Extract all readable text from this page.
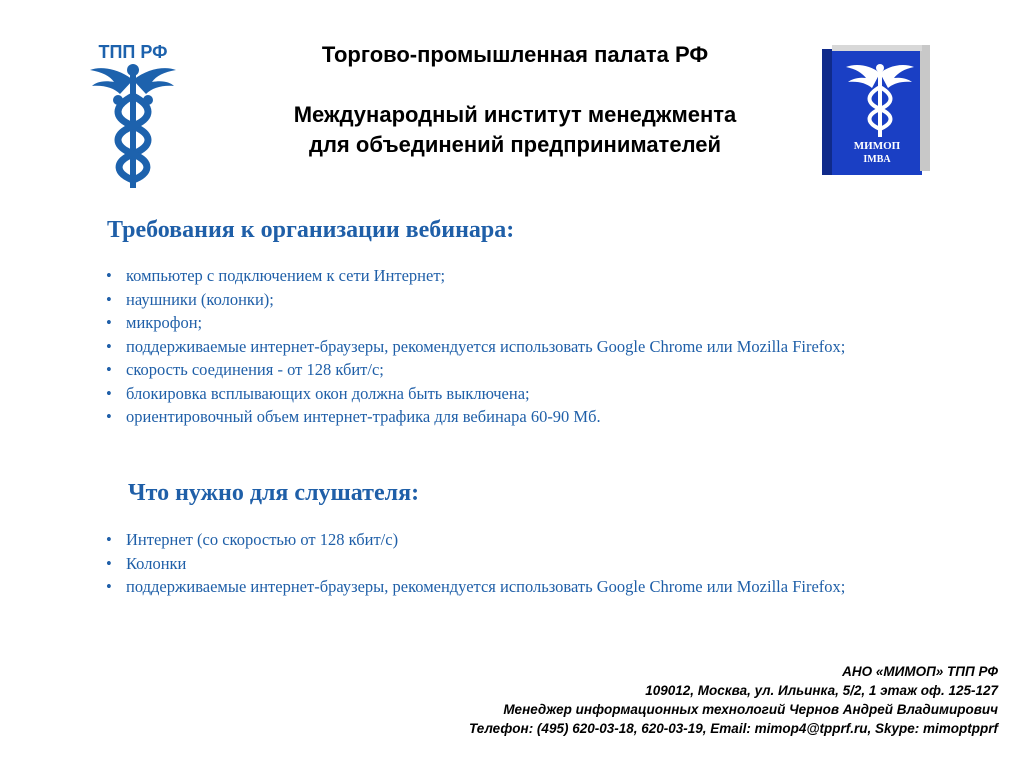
ТПП РФ
МИМОП
IMBA
Торгово-промышленная палата РФ
Международный институт менеджмента
для объединений предпринимателей
Требования к организации вебинара:
• компьютер с подключением к сети Интернет;
• наушники (колонки);
• микрофон;
• поддерживаемые интернет-браузеры, рекомендуется использовать Google Chrome или Mozilla Firefox;
• скорость соединения - от 128 кбит/с;
• блокировка всплывающих окон должна быть выключена;
• ориентировочный объем интернет-трафика для вебинара 60-90 Мб.
Что нужно для слушателя:
• Интернет (со скоростью от 128 кбит/с)
• Колонки
• поддерживаемые интернет-браузеры, рекомендуется использовать Google Chrome или Mozilla Firefox;
АНО «МИМОП» ТПП РФ
109012, Москва, ул. Ильинка, 5/2, 1 этаж оф. 125-127
Менеджер информационных технологий Чернов Андрей Владимирович
Телефон: (495) 620-03-18, 620-03-19, Email: mimop4@tpprf.ru, Skype: mimoptpprf
